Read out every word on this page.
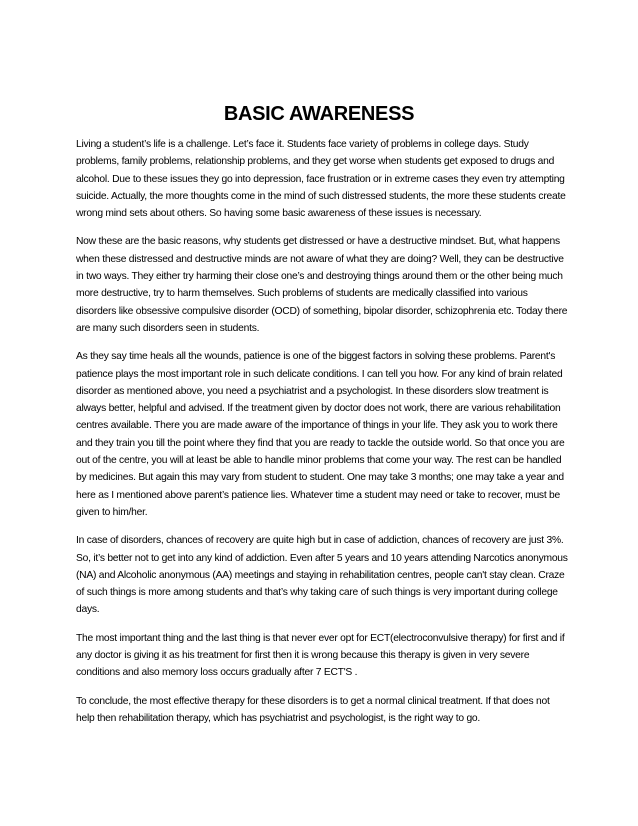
BASIC AWARENESS

Living a student’s life is a challenge. Let’s face it. Students face variety of problems in college days. Study problems, family problems, relationship problems, and they get worse when students get exposed to drugs and alcohol. Due to these issues they go into depression, face frustration or in extreme cases they even try attempting suicide. Actually, the more thoughts come in the mind of such distressed students, the more these students create wrong mind sets about others. So having some basic awareness of these issues is necessary.

Now these are the basic reasons, why students get distressed or have a destructive mindset. But, what happens when these distressed and destructive minds are not aware of what they are doing? Well, they can be destructive in two ways. They either try harming their close one’s and destroying things around them or the other being much more destructive, try to harm themselves. Such problems of students are medically classified into various disorders like obsessive compulsive disorder (OCD) of something, bipolar disorder, schizophrenia etc. Today there are many such disorders seen in students.

As they say time heals all the wounds, patience is one of the biggest factors in solving these problems. Parent's patience plays the most important role in such delicate conditions. I can tell you how. For any kind of brain related disorder as mentioned above, you need a psychiatrist and a psychologist. In these disorders slow treatment is always better, helpful and advised. If the treatment given by doctor does not work, there are various rehabilitation centres available. There you are made aware of the importance of things in your life. They ask you to work there and they train you till the point where they find that you are ready to tackle the outside world. So that once you are out of the centre, you will at least be able to handle minor problems that come your way. The rest can be handled by medicines. But again this may vary from student to student. One may take 3 months; one may take a year and here as I mentioned above parent’s patience lies. Whatever time a student may need or take to recover, must be given to him/her.

In case of disorders, chances of recovery are quite high but in case of addiction, chances of recovery are just 3%. So, it’s better not to get into any kind of addiction. Even after 5 years and 10 years attending Narcotics anonymous (NA) and Alcoholic anonymous (AA) meetings and staying in rehabilitation centres, people can't stay clean. Craze of such things is more among students and that’s why taking care of such things is very important during college days.

The most important thing and the last thing is that never ever opt for ECT(electroconvulsive therapy) for first and if any doctor is giving it as his treatment for first then it is wrong because this therapy is given in very severe conditions and also memory loss occurs gradually after 7 ECT'S .

To conclude, the most effective therapy for these disorders is to get a normal clinical treatment. If that does not help then rehabilitation therapy, which has psychiatrist and psychologist, is the right way to go.
